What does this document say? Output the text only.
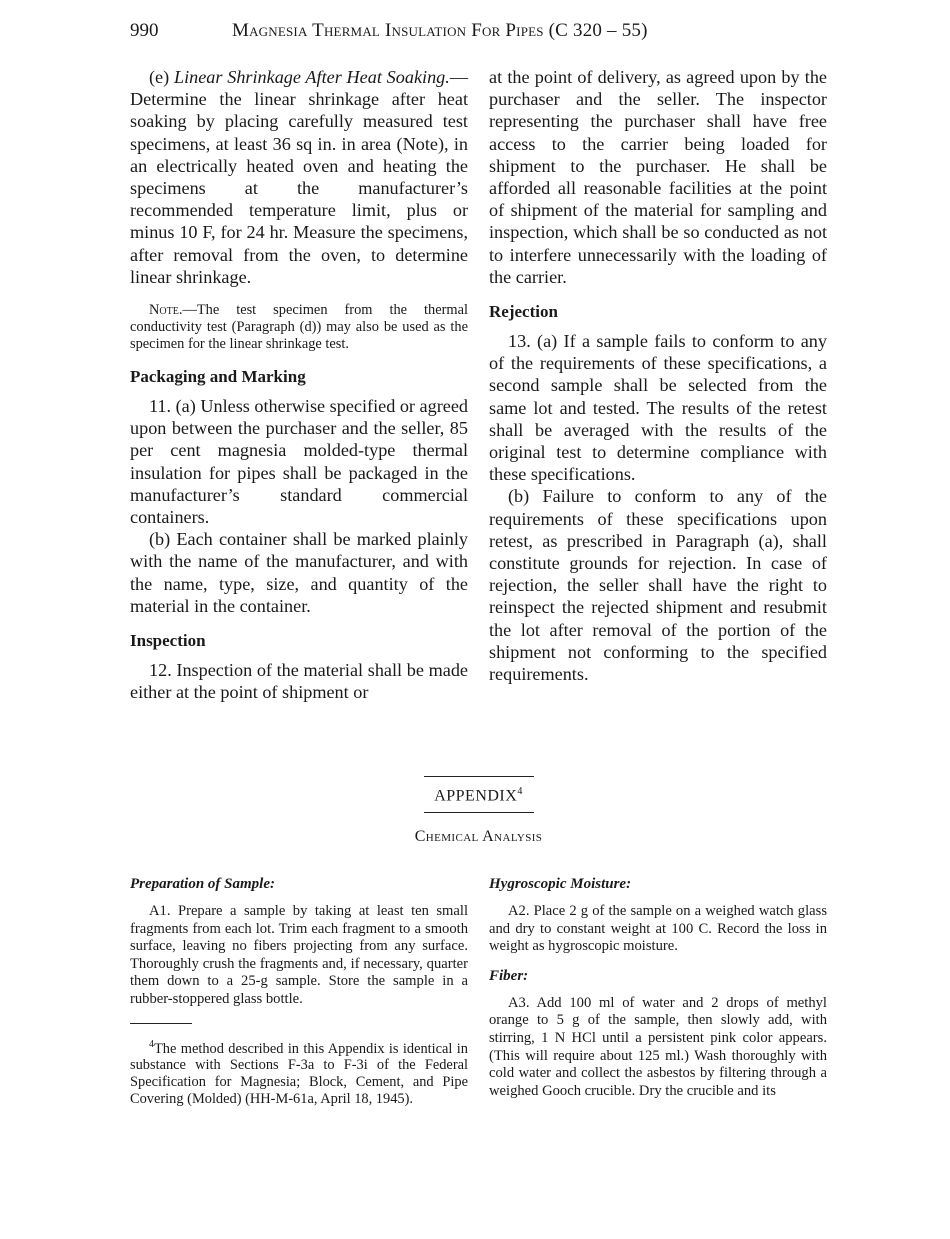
990	Magnesia Thermal Insulation For Pipes (C 320 – 55)

(e) Linear Shrinkage After Heat Soaking.—Determine the linear shrinkage after heat soaking by placing carefully measured test specimens, at least 36 sq in. in area (Note), in an electrically heated oven and heating the specimens at the manufacturer’s recommended temperature limit, plus or minus 10 F, for 24 hr. Measure the specimens, after removal from the oven, to determine linear shrinkage.

Note.—The test specimen from the thermal conductivity test (Paragraph (d)) may also be used as the specimen for the linear shrinkage test.

Packaging and Marking

11. (a) Unless otherwise specified or agreed upon between the purchaser and the seller, 85 per cent magnesia molded-type thermal insulation for pipes shall be packaged in the manufacturer’s standard commercial containers.

(b) Each container shall be marked plainly with the name of the manufacturer, and with the name, type, size, and quantity of the material in the container.

Inspection

12. Inspection of the material shall be made either at the point of shipment or

at the point of delivery, as agreed upon by the purchaser and the seller. The inspector representing the purchaser shall have free access to the carrier being loaded for shipment to the purchaser. He shall be afforded all reasonable facilities at the point of shipment of the material for sampling and inspection, which shall be so conducted as not to interfere unnecessarily with the loading of the carrier.

Rejection

13. (a) If a sample fails to conform to any of the requirements of these specifications, a second sample shall be selected from the same lot and tested. The results of the retest shall be averaged with the results of the original test to determine compliance with these specifications.

(b) Failure to conform to any of the requirements of these specifications upon retest, as prescribed in Paragraph (a), shall constitute grounds for rejection. In case of rejection, the seller shall have the right to reinspect the rejected shipment and resubmit the lot after removal of the portion of the shipment not conforming to the specified requirements.

APPENDIX$^4$
Chemical Analysis
Preparation of Sample:

A1. Prepare a sample by taking at least ten small fragments from each lot. Trim each fragment to a smooth surface, leaving no fibers projecting from any surface. Thoroughly crush the fragments and, if necessary, quarter them down to a 25-g sample. Store the sample in a rubber-stoppered glass bottle.

$^4$The method described in this Appendix is identical in substance with Sections F-3a to F-3i of the Federal Specification for Magnesia; Block, Cement, and Pipe Covering (Molded) (HH-M-61a, April 18, 1945).

Hygroscopic Moisture:

A2. Place 2 g of the sample on a weighed watch glass and dry to constant weight at 100 C. Record the loss in weight as hygroscopic moisture.

Fiber:

A3. Add 100 ml of water and 2 drops of methyl orange to 5 g of the sample, then slowly add, with stirring, 1 N HCl until a persistent pink color appears. (This will require about 125 ml.) Wash thoroughly with cold water and collect the asbestos by filtering through a weighed Gooch crucible. Dry the crucible and its
